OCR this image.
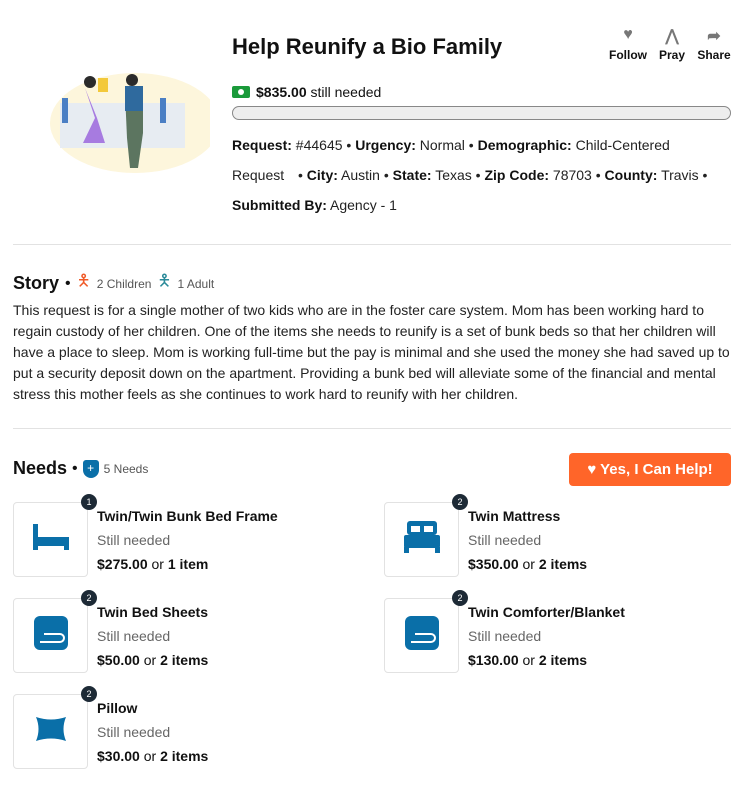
Help Reunify a Bio Family	♥
Follow
⋀
Pray
➦
Share
$835.00 still needed
Request: #44645 • Urgency: Normal • Demographic: Child-Centered
Request • City: Austin • State: Texas • Zip Code: 78703 • County: Travis •
Submitted By: Agency - 1
Story • 🯅 2 Children 🯅 1 Adult
This request is for a single mother of two kids who are in the foster care system. Mom has been working hard to regain custody of her children. One of the items she needs to reunify is a set of bunk beds so that her children will have a place to sleep. Mom is working full-time but the pay is minimal and she used the money she had saved up to put a security deposit down on the apartment. Providing a bunk bed will alleviate some of the financial and mental stress this mother feels as she continues to work hard to reunify with her children.
Needs • + 5 Needs	♥ Yes, I Can Help!
1
Twin/Twin Bunk Bed Frame
Still needed
$275.00 or 1 item
2
Twin Mattress
Still needed
$350.00 or 2 items
2
Twin Bed Sheets
Still needed
$50.00 or 2 items
2
Twin Comforter/Blanket
Still needed
$130.00 or 2 items
2
Pillow
Still needed
$30.00 or 2 items
